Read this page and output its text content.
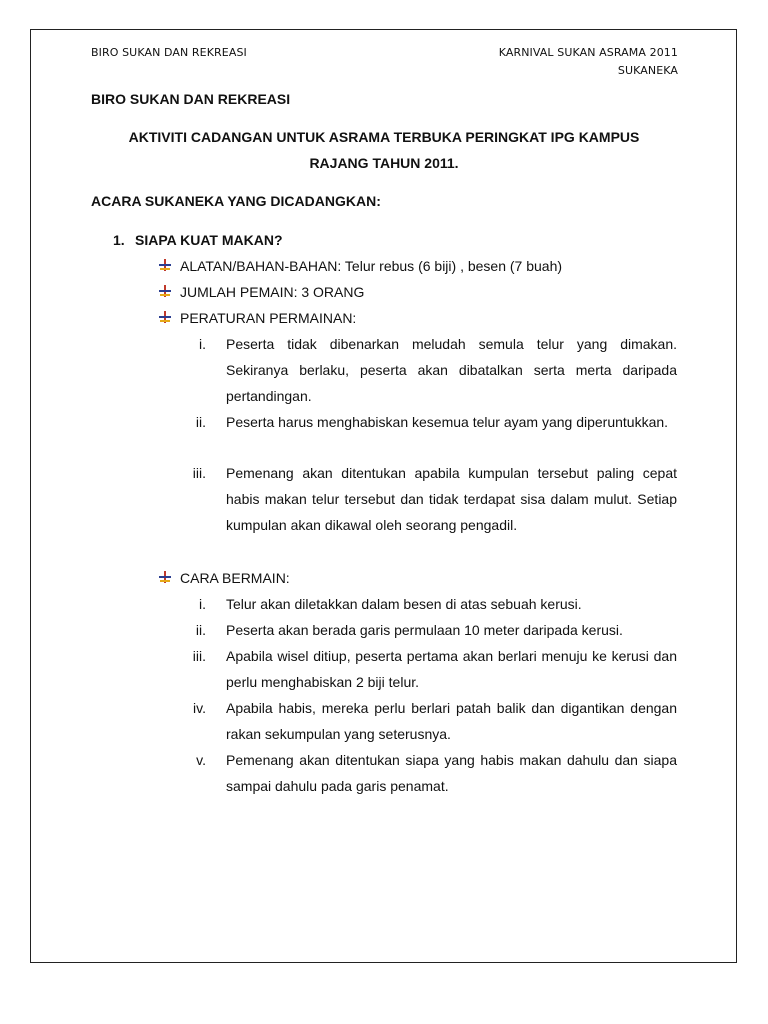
BIRO SUKAN DAN REKREASI	KARNIVAL SUKAN ASRAMA 2011
SUKANEKA
BIRO SUKAN DAN REKREASI
AKTIVITI CADANGAN UNTUK ASRAMA TERBUKA PERINGKAT IPG KAMPUS
RAJANG TAHUN 2011.
ACARA SUKANEKA YANG DICADANGKAN:
1. SIAPA KUAT MAKAN?
ALATAN/BAHAN-BAHAN: Telur rebus (6 biji) , besen (7 buah)
JUMLAH PEMAIN: 3 ORANG
PERATURAN PERMAINAN:
i. Peserta tidak dibenarkan meludah semula telur yang dimakan. Sekiranya berlaku, peserta akan dibatalkan serta merta daripada pertandingan.
ii. Peserta harus menghabiskan kesemua telur ayam yang diperuntukkan.
iii. Pemenang akan ditentukan apabila kumpulan tersebut paling cepat habis makan telur tersebut dan tidak terdapat sisa dalam mulut. Setiap kumpulan akan dikawal oleh seorang pengadil.
CARA BERMAIN:
i. Telur akan diletakkan dalam besen di atas sebuah kerusi.
ii. Peserta akan berada garis permulaan 10 meter daripada kerusi.
iii. Apabila wisel ditiup, peserta pertama akan berlari menuju ke kerusi dan perlu menghabiskan 2 biji telur.
iv. Apabila habis, mereka perlu berlari patah balik dan digantikan dengan rakan sekumpulan yang seterusnya.
v. Pemenang akan ditentukan siapa yang habis makan dahulu dan siapa sampai dahulu pada garis penamat.
